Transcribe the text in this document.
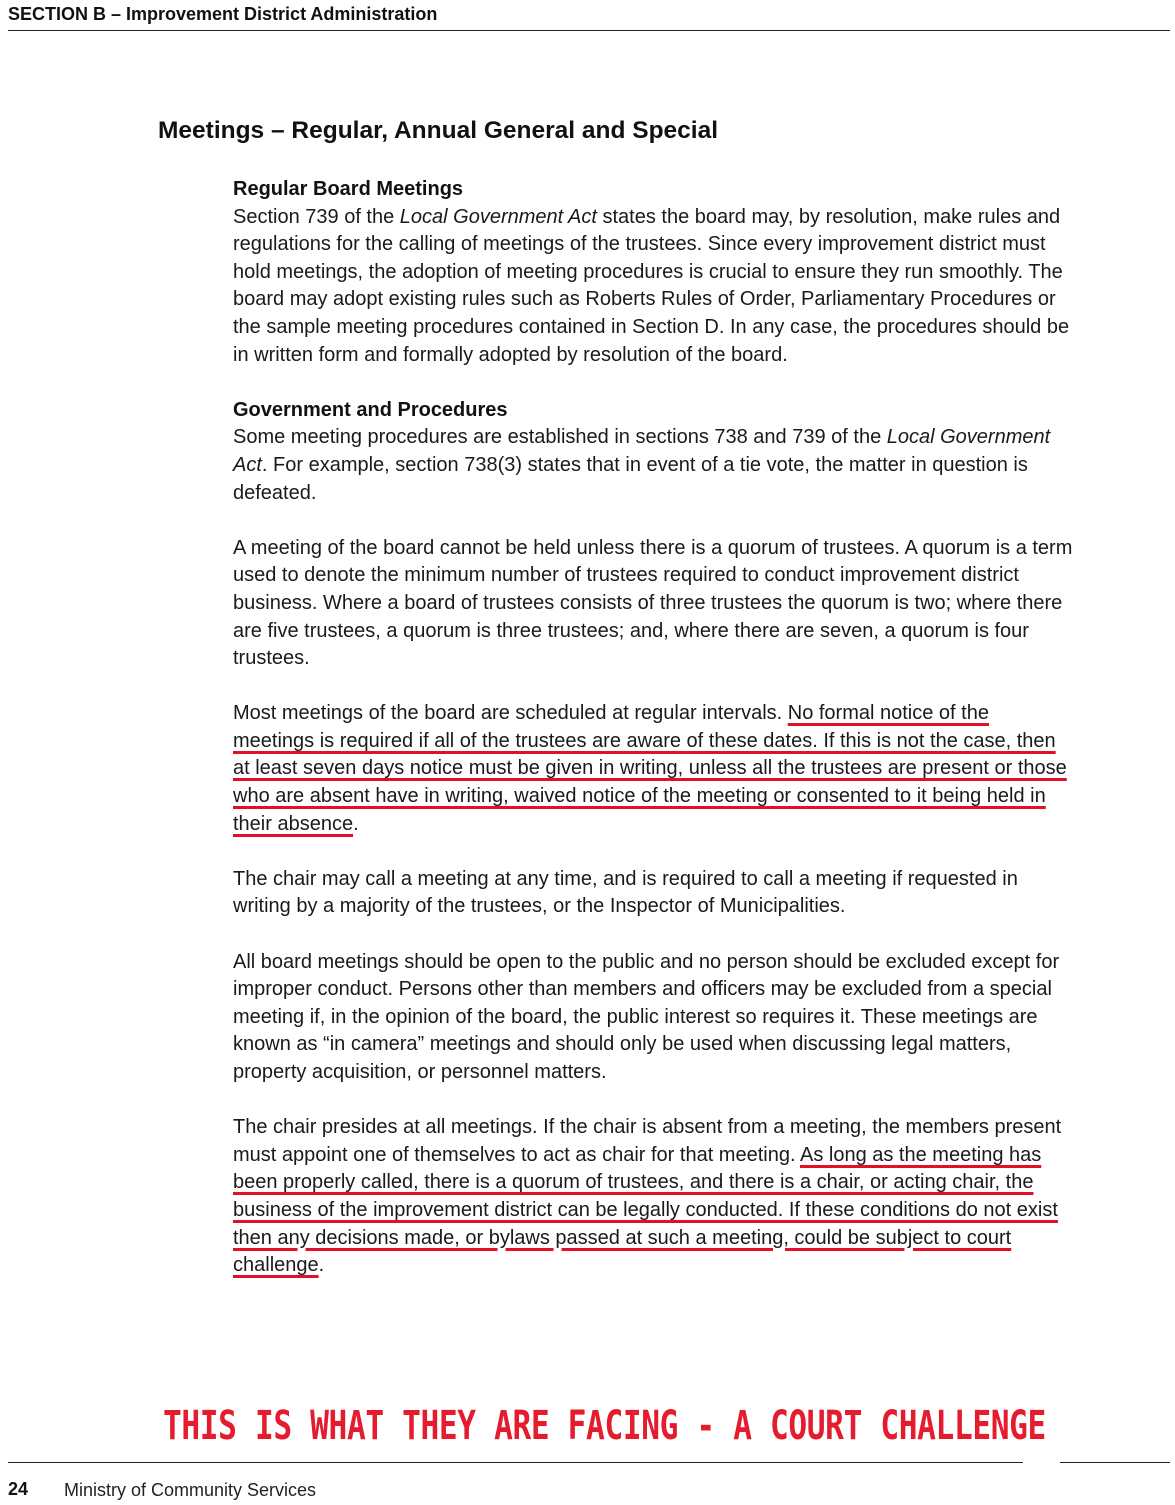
SECTION B – Improvement District Administration
Meetings – Regular, Annual General and Special
Regular Board Meetings

Section 739 of the Local Government Act states the board may, by resolution, make rules and regulations for the calling of meetings of the trustees. Since every improvement district must hold meetings, the adoption of meeting procedures is crucial to ensure they run smoothly. The board may adopt existing rules such as Roberts Rules of Order, Parliamentary Procedures or the sample meeting procedures contained in Section D. In any case, the procedures should be in written form and formally adopted by resolution of the board.

Government and Procedures

Some meeting procedures are established in sections 738 and 739 of the Local Government Act. For example, section 738(3) states that in event of a tie vote, the matter in question is defeated.

A meeting of the board cannot be held unless there is a quorum of trustees. A quorum is a term used to denote the minimum number of trustees required to conduct improvement district business. Where a board of trustees consists of three trustees the quorum is two; where there are five trustees, a quorum is three trustees; and, where there are seven, a quorum is four trustees.

Most meetings of the board are scheduled at regular intervals. No formal notice of the meetings is required if all of the trustees are aware of these dates. If this is not the case, then at least seven days notice must be given in writing, unless all the trustees are present or those who are absent have in writing, waived notice of the meeting or consented to it being held in their absence.

The chair may call a meeting at any time, and is required to call a meeting if requested in writing by a majority of the trustees, or the Inspector of Municipalities.

All board meetings should be open to the public and no person should be excluded except for improper conduct. Persons other than members and officers may be excluded from a special meeting if, in the opinion of the board, the public interest so requires it. These meetings are known as “in camera” meetings and should only be used when discussing legal matters, property acquisition, or personnel matters.

The chair presides at all meetings. If the chair is absent from a meeting, the members present must appoint one of themselves to act as chair for that meeting. As long as the meeting has been properly called, there is a quorum of trustees, and there is a chair, or acting chair, the business of the improvement district can be legally conducted. If these conditions do not exist then any decisions made, or bylaws passed at such a meeting, could be subject to court challenge.

THIS IS WHAT THEY ARE FACING - A COURT CHALLENGE
24 Ministry of Community Services
